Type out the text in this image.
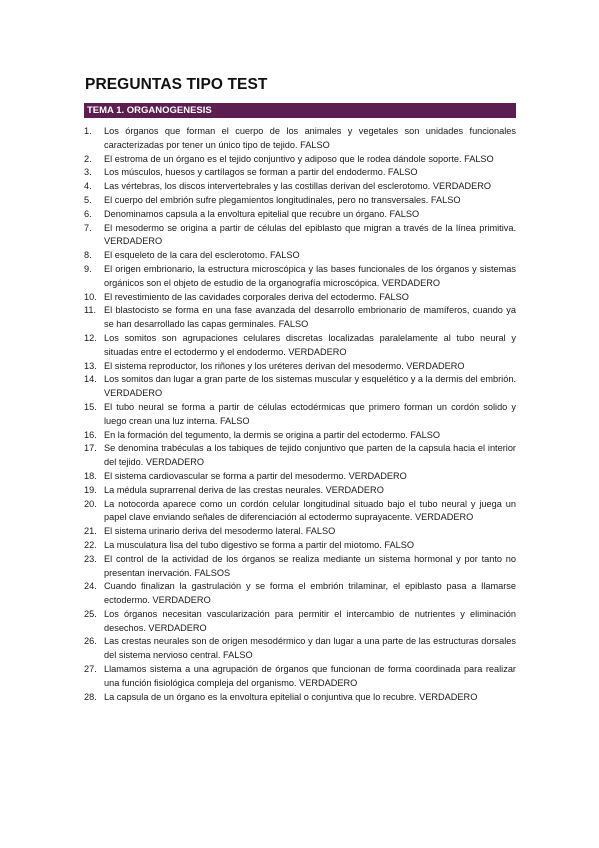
PREGUNTAS TIPO TEST
TEMA 1. ORGANOGENESIS
1.	Los órganos que forman el cuerpo de los animales y vegetales son unidades funcionales caracterizadas por tener un único tipo de tejido. FALSO
2.	El estroma de un órgano es el tejido conjuntivo y adiposo que le rodea dándole soporte. FALSO
3.	Los músculos, huesos y cartílagos se forman a partir del endodermo. FALSO
4.	Las vértebras, los discos intervertebrales y las costillas derivan del esclerotomo. VERDADERO
5.	El cuerpo del embrión sufre plegamientos longitudinales, pero no transversales. FALSO
6.	Denominamos capsula a la envoltura epitelial que recubre un órgano. FALSO
7.	El mesodermo se origina a partir de células del epiblasto que migran a través de la línea primitiva. VERDADERO
8.	El esqueleto de la cara del esclerotomo. FALSO
9.	El origen embrionario, la estructura microscópica y las bases funcionales de los órganos y sistemas orgánicos son el objeto de estudio de la organografía microscópica. VERDADERO
10. El revestimiento de las cavidades corporales deriva del ectodermo. FALSO
11. El blastocisto se forma en una fase avanzada del desarrollo embrionario de mamíferos, cuando ya se han desarrollado las capas germinales. FALSO
12. Los somitos son agrupaciones celulares discretas localizadas paralelamente al tubo neural y situadas entre el ectodermo y el endodermo. VERDADERO
13. El sistema reproductor, los riñones y los uréteres derivan del mesodermo. VERDADERO
14. Los somitos dan lugar a gran parte de los sistemas muscular y esquelético y a la dermis del embrión. VERDADERO
15. El tubo neural se forma a partir de células ectodérmicas que primero forman un cordón solido y luego crean una luz interna. FALSO
16. En la formación del tegumento, la dermis se origina a partir del ectodermo. FALSO
17. Se denomina trabéculas a los tabiques de tejido conjuntivo que parten de la capsula hacia el interior del tejido. VERDADERO
18. El sistema cardiovascular se forma a partir del mesodermo. VERDADERO
19. La médula suprarrenal deriva de las crestas neurales. VERDADERO
20. La notocorda aparece como un cordón celular longitudinal situado bajo el tubo neural y juega un papel clave enviando señales de diferenciación al ectodermo suprayacente. VERDADERO
21. El sistema urinario deriva del mesodermo lateral. FALSO
22. La musculatura lisa del tubo digestivo se forma a partir del miotomo. FALSO
23. El control de la actividad de los órganos se realiza mediante un sistema hormonal y por tanto no presentan inervación. FALSOS
24. Cuando finalizan la gastrulación y se forma el embrión trilaminar, el epiblasto pasa a llamarse ectodermo. VERDADERO
25. Los órganos necesitan vascularización para permitir el intercambio de nutrientes y eliminación desechos. VERDADERO
26. Las crestas neurales son de origen mesodérmico y dan lugar a una parte de las estructuras dorsales del sistema nervioso central. FALSO
27. Llamamos sistema a una agrupación de órganos que funcionan de forma coordinada para realizar una función fisiológica compleja del organismo. VERDADERO
28. La capsula de un órgano es la envoltura epitelial o conjuntiva que lo recubre. VERDADERO
